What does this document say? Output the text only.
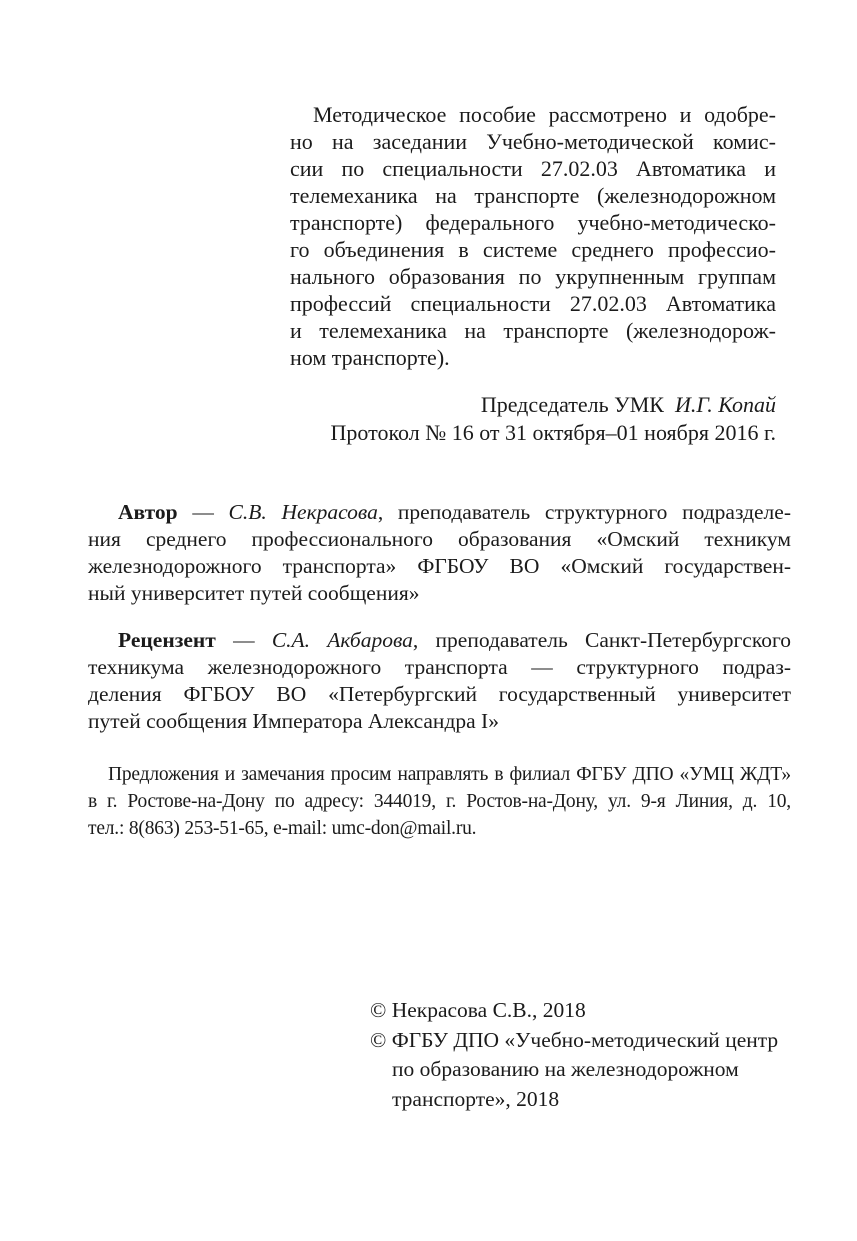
Методическое пособие рассмотрено и одобре-
но на заседании Учебно-методической комис-
сии по специальности 27.02.03 Автоматика и
телемеханика на транспорте (железнодорожном
транспорте) федерального учебно-методическо-
го объединения в системе среднего профессио-
нального образования по укрупненным группам
профессий специальности 27.02.03 Автоматика
и телемеханика на транспорте (железнодорож-
ном транспорте).
Председатель УМК И.Г. Копай
Протокол № 16 от 31 октября–01 ноября 2016 г.
Автор — С.В. Некрасова, преподаватель структурного подразделе-
ния среднего профессионального образования «Омский техникум
железнодорожного транспорта» ФГБОУ ВО «Омский государствен-
ный университет путей сообщения»
Рецензент — С.А. Акбарова, преподаватель Санкт-Петербургского
техникума железнодорожного транспорта — структурного подраз-
деления ФГБОУ ВО «Петербургский государственный университет
путей сообщения Императора Александра I»
Предложения и замечания просим направлять в филиал ФГБУ ДПО «УМЦ ЖДТ»
в г. Ростове-на-Дону по адресу: 344019, г. Ростов-на-Дону, ул. 9-я Линия, д. 10,
тел.: 8(863) 253-51-65, e-mail: umc-don@mail.ru.
© Некрасова С.В., 2018
© ФГБУ ДПО «Учебно-методический центр
по образованию на железнодорожном
транспорте», 2018
